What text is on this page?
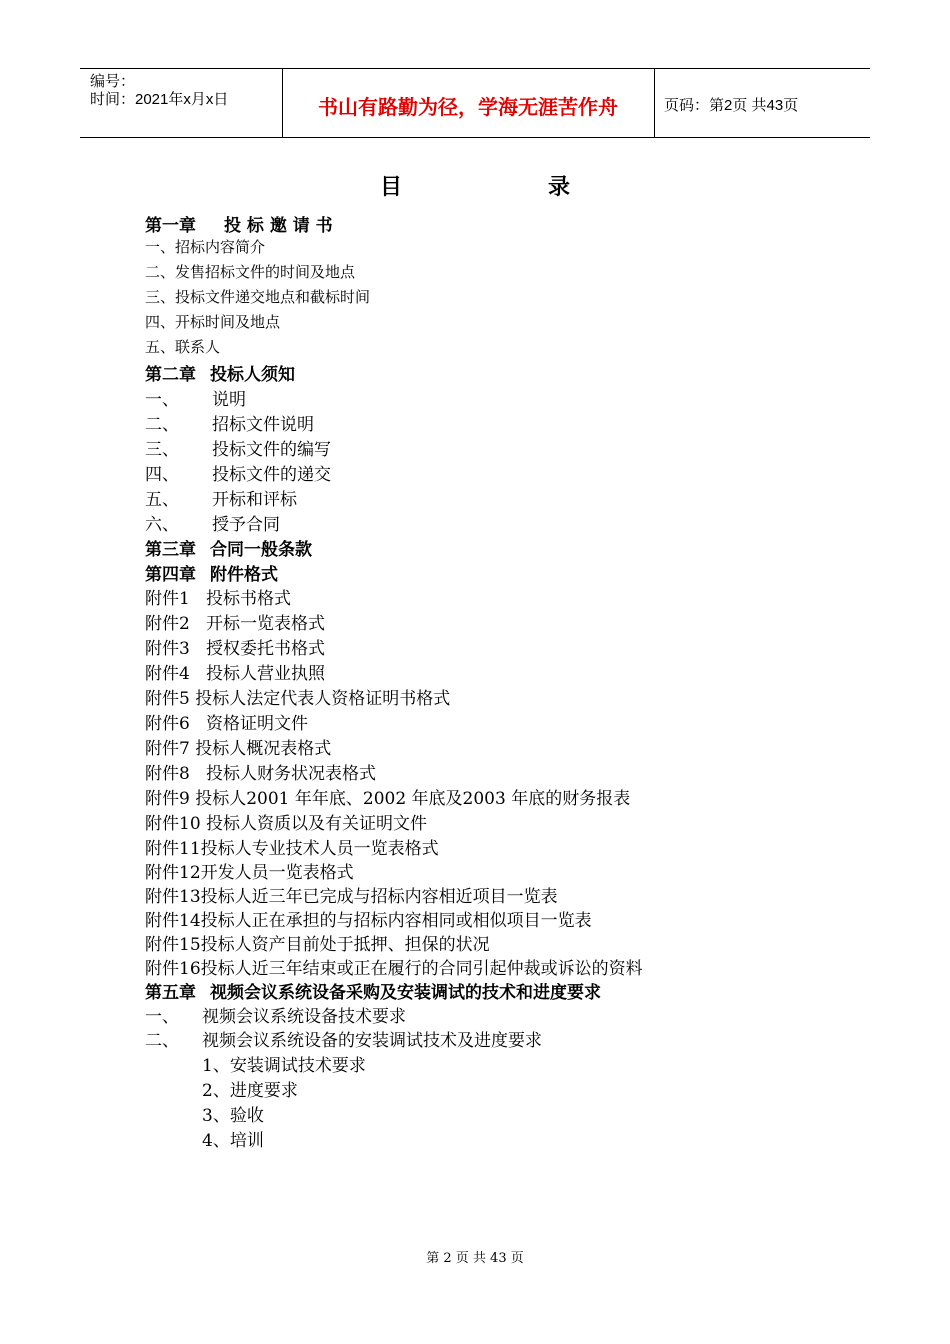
编号：
时间：2021年x月x日	书山有路勤为径，学海无涯苦作舟	页码：第2页 共43页
目	录
第一章 投 标 邀 请 书
一、招标内容简介
二、发售招标文件的时间及地点
三、投标文件递交地点和截标时间
四、开标时间及地点
五、联系人
第二章 投标人须知
一、 说明
二、 招标文件说明
三、 投标文件的编写
四、 投标文件的递交
五、 开标和评标
六、 授予合同
第三章 合同一般条款
第四章 附件格式
附件1   投标书格式
附件2   开标一览表格式
附件3   授权委托书格式
附件4   投标人营业执照
附件5 投标人法定代表人资格证明书格式
附件6   资格证明文件
附件7 投标人概况表格式
附件8   投标人财务状况表格式
附件9 投标人2001 年年底、2002 年底及2003 年底的财务报表
附件10 投标人资质以及有关证明文件
附件11投标人专业技术人员一览表格式
附件12开发人员一览表格式
附件13投标人近三年已完成与招标内容相近项目一览表
附件14投标人正在承担的与招标内容相同或相似项目一览表
附件15投标人资产目前处于抵押、担保的状况
附件16投标人近三年结束或正在履行的合同引起仲裁或诉讼的资料
第五章 视频会议系统设备采购及安装调试的技术和进度要求
一、 视频会议系统设备技术要求
二、 视频会议系统设备的安装调试技术及进度要求
1、安装调试技术要求
2、进度要求
3、验收
4、培训
第 2 页 共 43 页
